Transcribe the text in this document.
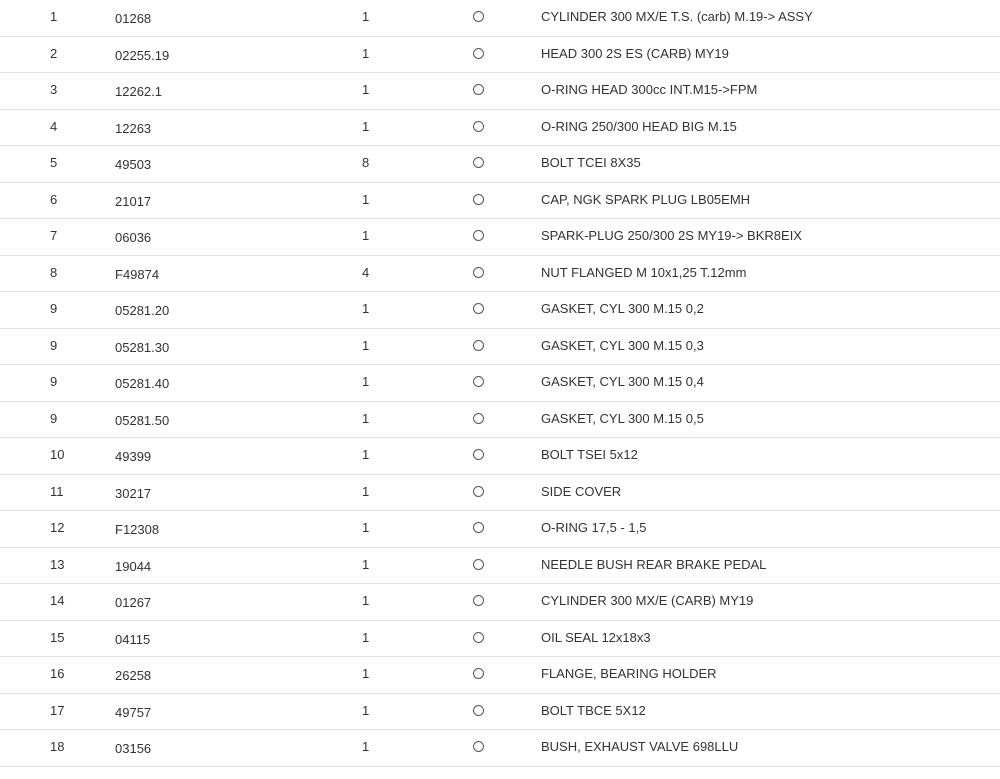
1	01268	1	CYLINDER 300 MX/E T.S. (carb) M.19-> ASSY
2	02255.19	1	HEAD 300 2S ES (CARB) MY19
3	12262.1	1	O-RING HEAD 300cc INT.M15->FPM
4	12263	1	O-RING 250/300 HEAD BIG M.15
5	49503	8	BOLT TCEI 8X35
6	21017	1	CAP, NGK SPARK PLUG LB05EMH
7	06036	1	SPARK-PLUG 250/300 2S MY19-> BKR8EIX
8	F49874	4	NUT FLANGED M 10x1,25 T.12mm
9	05281.20	1	GASKET, CYL 300 M.15 0,2
9	05281.30	1	GASKET, CYL 300 M.15 0,3
9	05281.40	1	GASKET, CYL 300 M.15 0,4
9	05281.50	1	GASKET, CYL 300 M.15 0,5
10	49399	1	BOLT TSEI 5x12
11	30217	1	SIDE COVER
12	F12308	1	O-RING 17,5 - 1,5
13	19044	1	NEEDLE BUSH REAR BRAKE PEDAL
14	01267	1	CYLINDER 300 MX/E (CARB) MY19
15	04115	1	OIL SEAL 12x18x3
16	26258	1	FLANGE, BEARING HOLDER
17	49757	1	BOLT TBCE 5X12
18	03156	1	BUSH, EXHAUST VALVE 698LLU
